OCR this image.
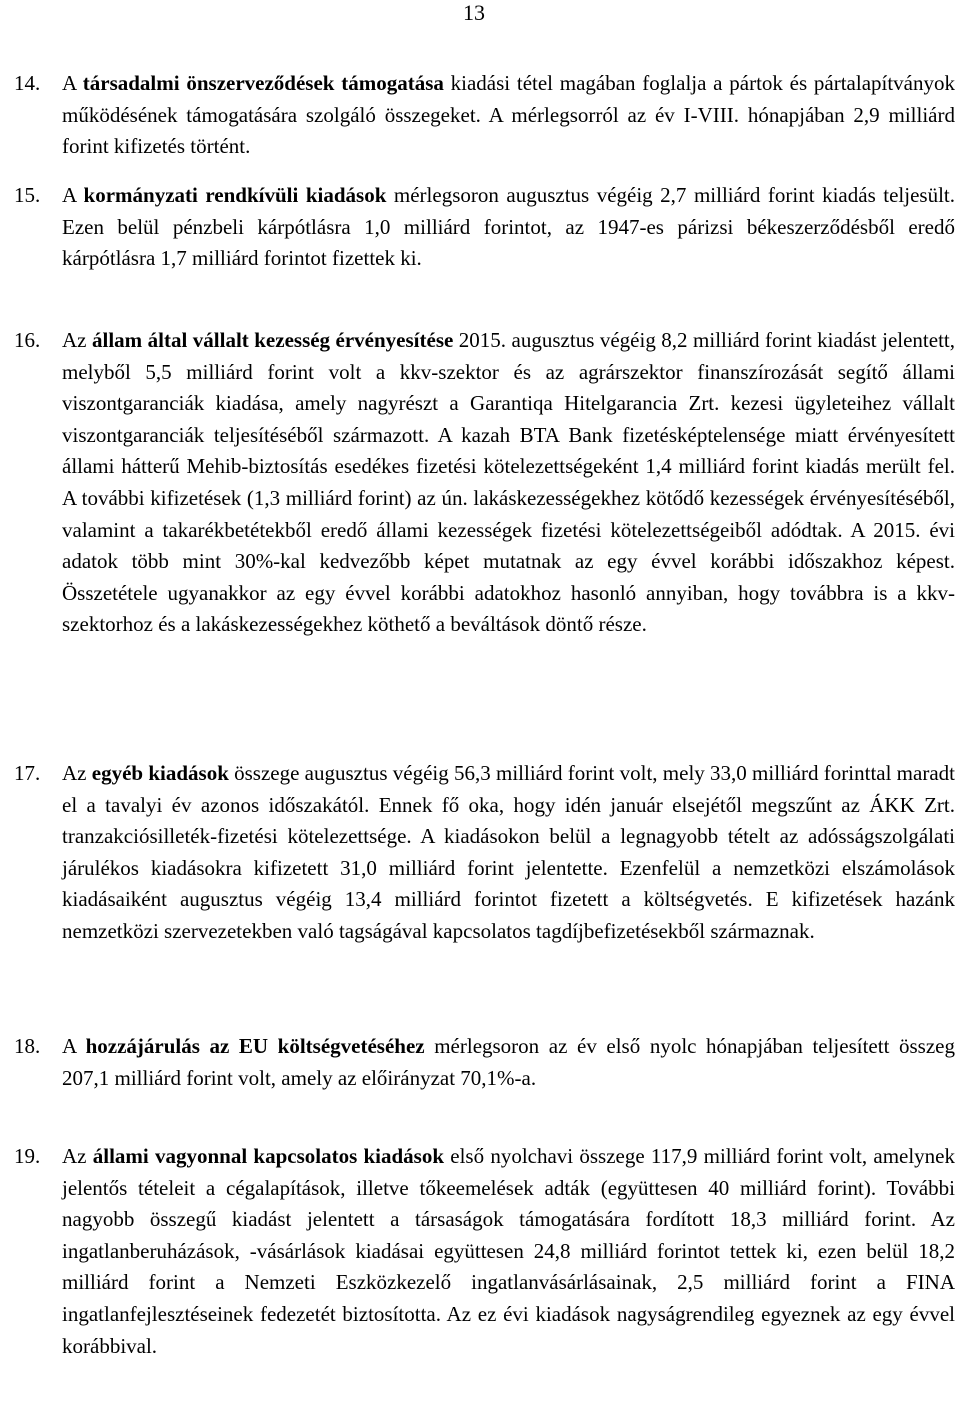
13
14. A társadalmi önszerveződések támogatása kiadási tétel magában foglalja a pártok és pártalapítványok működésének támogatására szolgáló összegeket. A mérlegsorról az év I-VIII. hónapjában 2,9 milliárd forint kifizetés történt.
15. A kormányzati rendkívüli kiadások mérlegsoron augusztus végéig 2,7 milliárd forint kiadás teljesült. Ezen belül pénzbeli kárpótlásra 1,0 milliárd forintot, az 1947-es párizsi békeszerződésből eredő kárpótlásra 1,7 milliárd forintot fizettek ki.
16. Az állam által vállalt kezesség érvényesítése 2015. augusztus végéig 8,2 milliárd forint kiadást jelentett, melyből 5,5 milliárd forint volt a kkv-szektor és az agrárszektor finanszírozását segítő állami viszontgaranciák kiadása, amely nagyrészt a Garantiqa Hitelgarancia Zrt. kezesi ügyleteihez vállalt viszontgaranciák teljesítéséből származott. A kazah BTA Bank fizetésképtelensége miatt érvényesített állami hátterű Mehib-biztosítás esedékes fizetési kötelezettségeként 1,4 milliárd forint kiadás merült fel. A további kifizetések (1,3 milliárd forint) az ún. lakáskezességekhez kötődő kezességek érvényesítéséből, valamint a takarékbetétekből eredő állami kezességek fizetési kötelezettségeiből adódtak. A 2015. évi adatok több mint 30%-kal kedvezőbb képet mutatnak az egy évvel korábbi időszakhoz képest. Összetétele ugyanakkor az egy évvel korábbi adatokhoz hasonló annyiban, hogy továbbra is a kkv-szektorhoz és a lakáskezességekhez köthető a beváltások döntő része.
17. Az egyéb kiadások összege augusztus végéig 56,3 milliárd forint volt, mely 33,0 milliárd forinttal maradt el a tavalyi év azonos időszakától. Ennek fő oka, hogy idén január elsejétől megszűnt az ÁKK Zrt. tranzakciósilleték-fizetési kötelezettsége. A kiadásokon belül a legnagyobb tételt az adósságszolgálati járulékos kiadásokra kifizetett 31,0 milliárd forint jelentette. Ezenfelül a nemzetközi elszámolások kiadásaiként augusztus végéig 13,4 milliárd forintot fizetett a költségvetés. E kifizetések hazánk nemzetközi szervezetekben való tagságával kapcsolatos tagdíjbefizetésekből származnak.
18. A hozzájárulás az EU költségvetéséhez mérlegsoron az év első nyolc hónapjában teljesített összeg 207,1 milliárd forint volt, amely az előirányzat 70,1%-a.
19. Az állami vagyonnal kapcsolatos kiadások első nyolchavi összege 117,9 milliárd forint volt, amelynek jelentős tételeit a cégalapítások, illetve tőkeemelések adták (együttesen 40 milliárd forint). További nagyobb összegű kiadást jelentett a társaságok támogatására fordított 18,3 milliárd forint. Az ingatlanberuházások, -vásárlások kiadásai együttesen 24,8 milliárd forintot tettek ki, ezen belül 18,2 milliárd forint a Nemzeti Eszközkezelő ingatlanvásárlásainak, 2,5 milliárd forint a FINA ingatlanfejlesztéseinek fedezetét biztosította. Az ez évi kiadások nagyságrendileg egyeznek az egy évvel korábbival.
